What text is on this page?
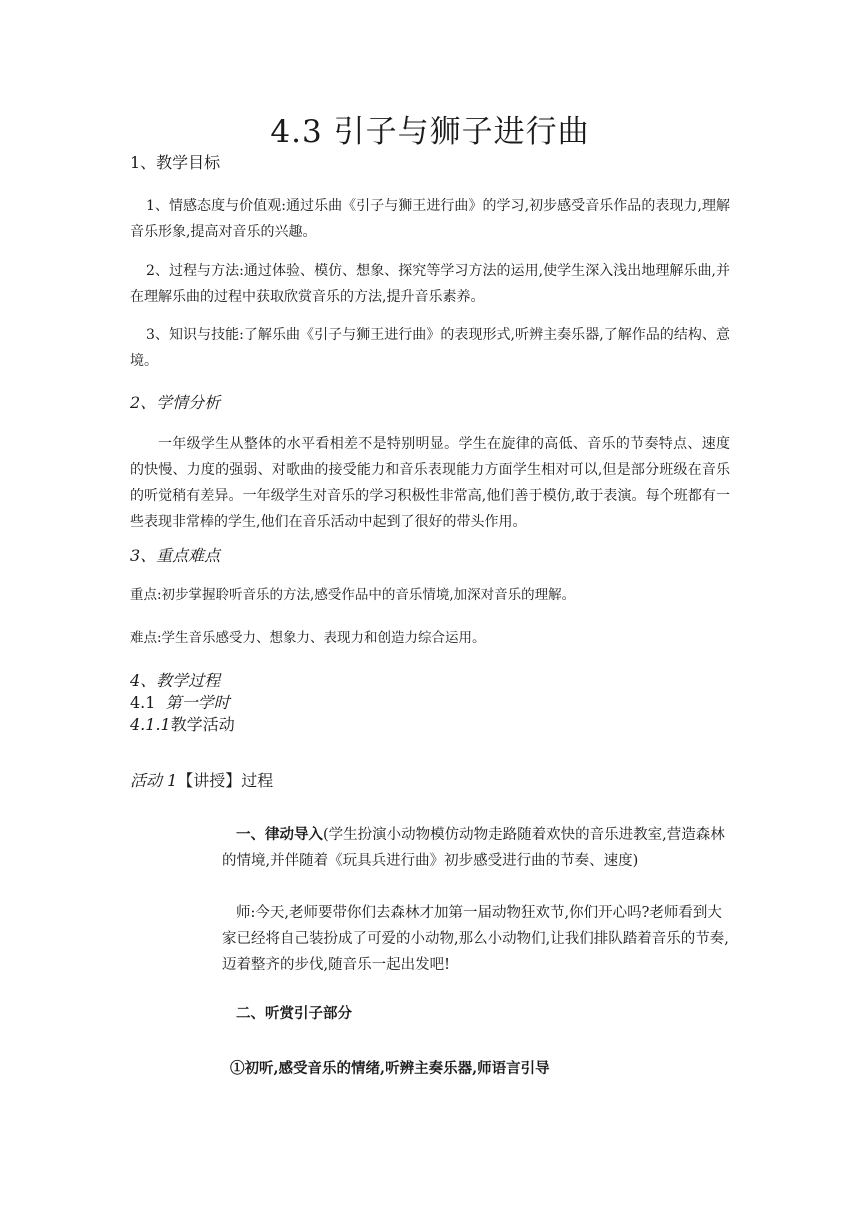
4.3 引子与狮子进行曲
1、教学目标
1、情感态度与价值观:通过乐曲《引子与狮王进行曲》的学习,初步感受音乐作品的表现力,理解音乐形象,提高对音乐的兴趣。
2、过程与方法:通过体验、模仿、想象、探究等学习方法的运用,使学生深入浅出地理解乐曲,并在理解乐曲的过程中获取欣赏音乐的方法,提升音乐素养。
3、知识与技能:了解乐曲《引子与狮王进行曲》的表现形式,听辨主奏乐器,了解作品的结构、意境。
2、学情分析
一年级学生从整体的水平看相差不是特别明显。学生在旋律的高低、音乐的节奏特点、速度的快慢、力度的强弱、对歌曲的接受能力和音乐表现能力方面学生相对可以,但是部分班级在音乐的听觉稍有差异。一年级学生对音乐的学习积极性非常高,他们善于模仿,敢于表演。每个班都有一些表现非常棒的学生,他们在音乐活动中起到了很好的带头作用。
3、重点难点
重点:初步掌握聆听音乐的方法,感受作品中的音乐情境,加深对音乐的理解。
难点:学生音乐感受力、想象力、表现力和创造力综合运用。
4、教学过程
4.1 第一学时
4.1.1教学活动
活动 1【讲授】过程
一、律动导入(学生扮演小动物模仿动物走路随着欢快的音乐进教室,营造森林的情境,并伴随着《玩具兵进行曲》初步感受进行曲的节奏、速度)
师:今天,老师要带你们去森林才加第一届动物狂欢节,你们开心吗?老师看到大家已经将自己装扮成了可爱的小动物,那么小动物们,让我们排队踏着音乐的节奏,迈着整齐的步伐,随音乐一起出发吧!
二、听赏引子部分
①初听,感受音乐的情绪,听辨主奏乐器,师语言引导
